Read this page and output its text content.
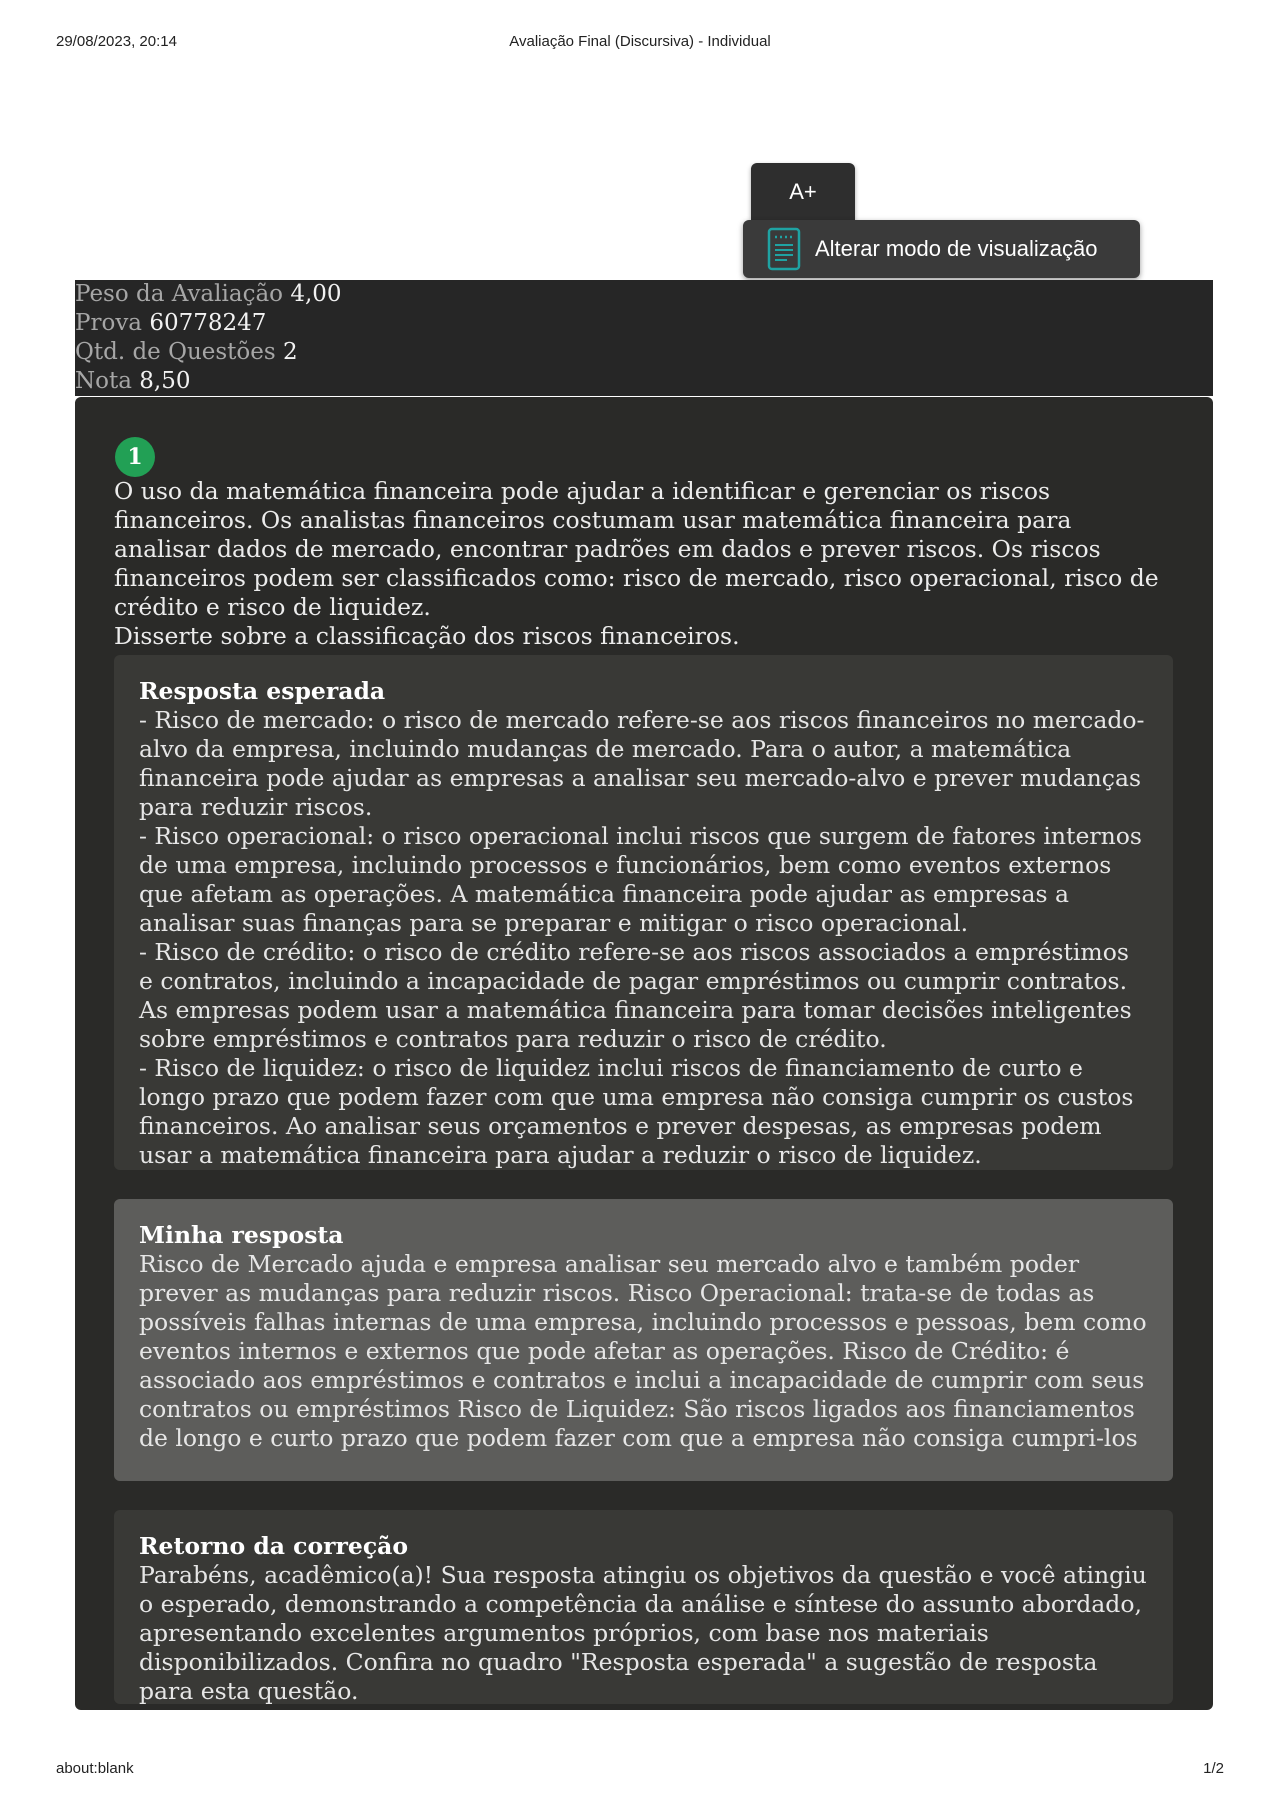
29/08/2023, 20:14	Avaliação Final (Discursiva) - Individual
A+
Alterar modo de visualização
Peso da Avaliação 4,00
Prova 60778247
Qtd. de Questões 2
Nota 8,50
1

O uso da matemática financeira pode ajudar a identificar e gerenciar os riscos financeiros. Os analistas financeiros costumam usar matemática financeira para analisar dados de mercado, encontrar padrões em dados e prever riscos. Os riscos financeiros podem ser classificados como: risco de mercado, risco operacional, risco de crédito e risco de liquidez.

Disserte sobre a classificação dos riscos financeiros.

Resposta esperada

- Risco de mercado: o risco de mercado refere-se aos riscos financeiros no mercado-alvo da empresa, incluindo mudanças de mercado. Para o autor, a matemática financeira pode ajudar as empresas a analisar seu mercado-alvo e prever mudanças para reduzir riscos.

- Risco operacional: o risco operacional inclui riscos que surgem de fatores internos de uma empresa, incluindo processos e funcionários, bem como eventos externos que afetam as operações. A matemática financeira pode ajudar as empresas a analisar suas finanças para se preparar e mitigar o risco operacional.

- Risco de crédito: o risco de crédito refere-se aos riscos associados a empréstimos e contratos, incluindo a incapacidade de pagar empréstimos ou cumprir contratos. As empresas podem usar a matemática financeira para tomar decisões inteligentes sobre empréstimos e contratos para reduzir o risco de crédito.

- Risco de liquidez: o risco de liquidez inclui riscos de financiamento de curto e longo prazo que podem fazer com que uma empresa não consiga cumprir os custos financeiros. Ao analisar seus orçamentos e prever despesas, as empresas podem usar a matemática financeira para ajudar a reduzir o risco de liquidez.

Minha resposta

Risco de Mercado ajuda e empresa analisar seu mercado alvo e também poder prever as mudanças para reduzir riscos. Risco Operacional: trata-se de todas as possíveis falhas internas de uma empresa, incluindo processos e pessoas, bem como eventos internos e externos que pode afetar as operações. Risco de Crédito: é associado aos empréstimos e contratos e inclui a incapacidade de cumprir com seus contratos ou empréstimos Risco de Liquidez: São riscos ligados aos financiamentos de longo e curto prazo que podem fazer com que a empresa não consiga cumpri-los

Retorno da correção

Parabéns, acadêmico(a)! Sua resposta atingiu os objetivos da questão e você atingiu o esperado, demonstrando a competência da análise e síntese do assunto abordado, apresentando excelentes argumentos próprios, com base nos materiais disponibilizados. Confira no quadro "Resposta esperada" a sugestão de resposta para esta questão.

about:blank	1/2
